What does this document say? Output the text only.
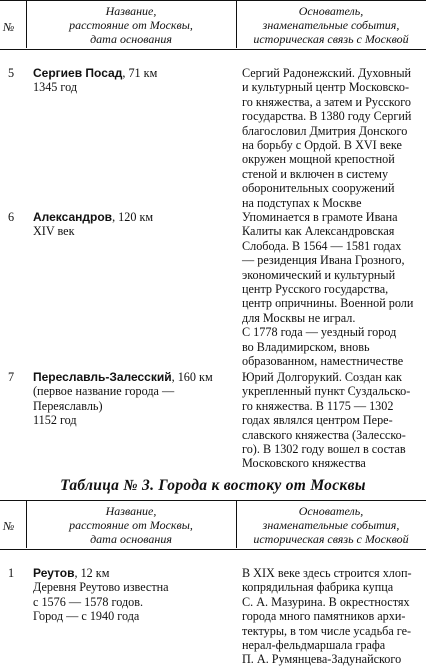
№
Название,
расстояние от Москвы,
дата основания
Основатель,
знаменательные события,
историческая связь с Москвой
5 Сергиев Посад, 71 км
1345 год
Сергий Радонежский. Духовный
и культурный центр Московско-
го княжества, а затем и Русского
государства. В 1380 году Сергий
благословил Дмитрия Донского
на борьбу с Ордой. В XVI веке
окружен мощной крепостной
стеной и включен в систему
оборонительных сооружений
на подступах к Москве
6 Александров, 120 км
XIV век
Упоминается в грамоте Ивана
Калиты как Александровская
Слобода. В 1564 — 1581 годах
— резиденция Ивана Грозного,
экономический и культурный
центр Русского государства,
центр опричнины. Военной роли
для Москвы не играл.
С 1778 года — уездный город
во Владимирском, вновь
образованном, наместничестве
7 Переславль-Залесский, 160 км
(первое название города —
Переяславль)
1152 год
Юрий Долгорукий. Создан как
укрепленный пункт Суздальско-
го княжества. В 1175 — 1302
годах являлся центром Пере-
славского княжества (Залесско-
го). В 1302 году вошел в состав
Московского княжества
Таблица № 3. Города к востоку от Москвы
№
Название,
расстояние от Москвы,
дата основания
Основатель,
знаменательные события,
историческая связь с Москвой
1 Реутов, 12 км
Деревня Реутово известна
с 1576 — 1578 годов.
Город — с 1940 года
В XIX веке здесь строится хлоп-
копрядильная фабрика купца
С. А. Мазурина. В окрестностях
города много памятников архи-
тектуры, в том числе усадьба ге-
нерал-фельдмаршала графа
П. А. Румянцева-Задунайского
